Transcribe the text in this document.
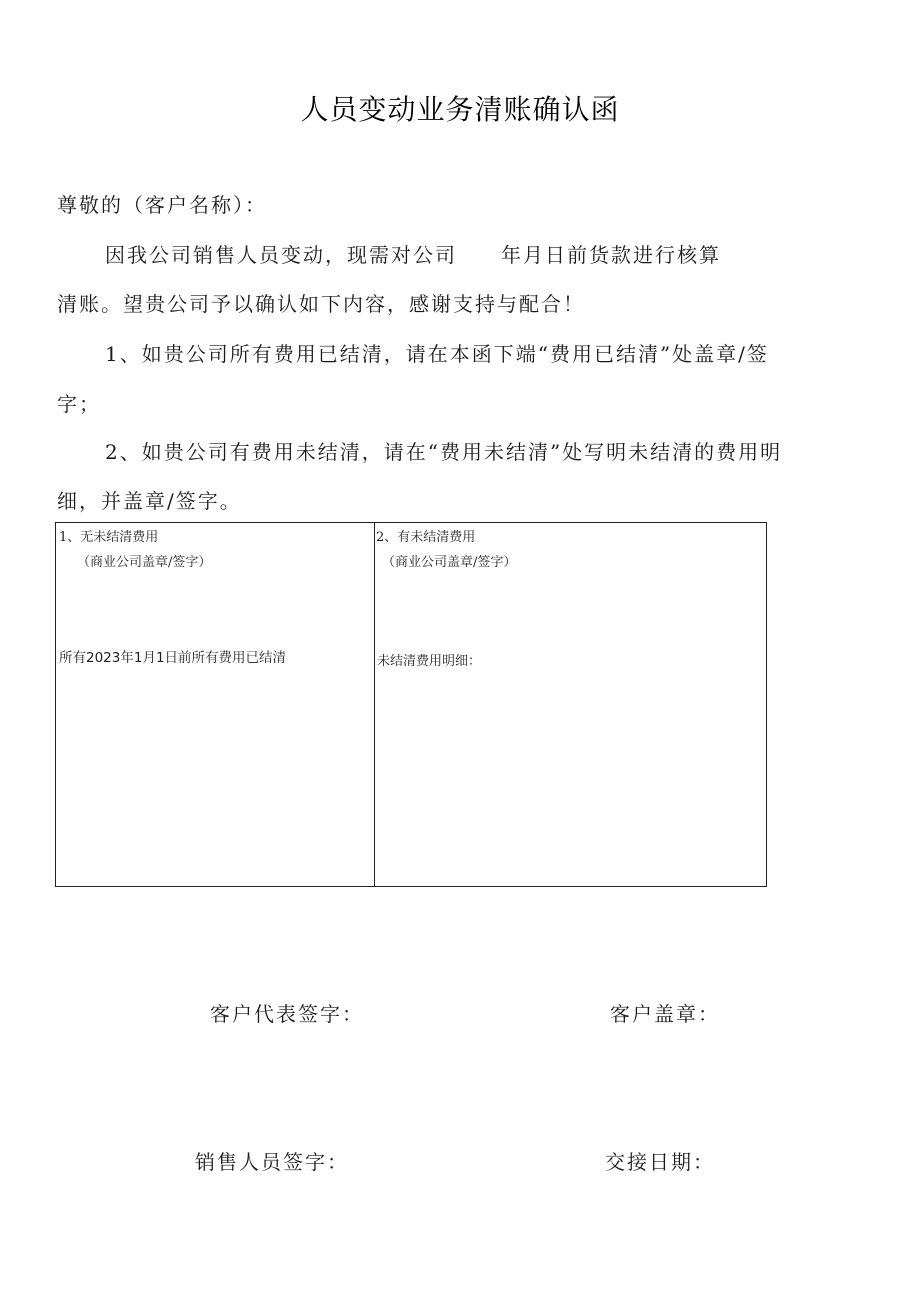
人员变动业务清账确认函
尊敬的（客户名称）：
因我公司销售人员变动，现需对公司　　年月日前货款进行核算
清账。望贵公司予以确认如下内容，感谢支持与配合！
1、如贵公司所有费用已结清，请在本函下端“费用已结清”处盖章/签
字；
2、如贵公司有费用未结清，请在“费用未结清”处写明未结清的费用明
细，并盖章/签字。
1、无未结清费用
（商业公司盖章/签字）
所有2023年1月1日前所有费用已结清
2、有未结清费用
（商业公司盖章/签字）
未结清费用明细：
客户代表签字：	客户盖章：
销售人员签字：	交接日期：
